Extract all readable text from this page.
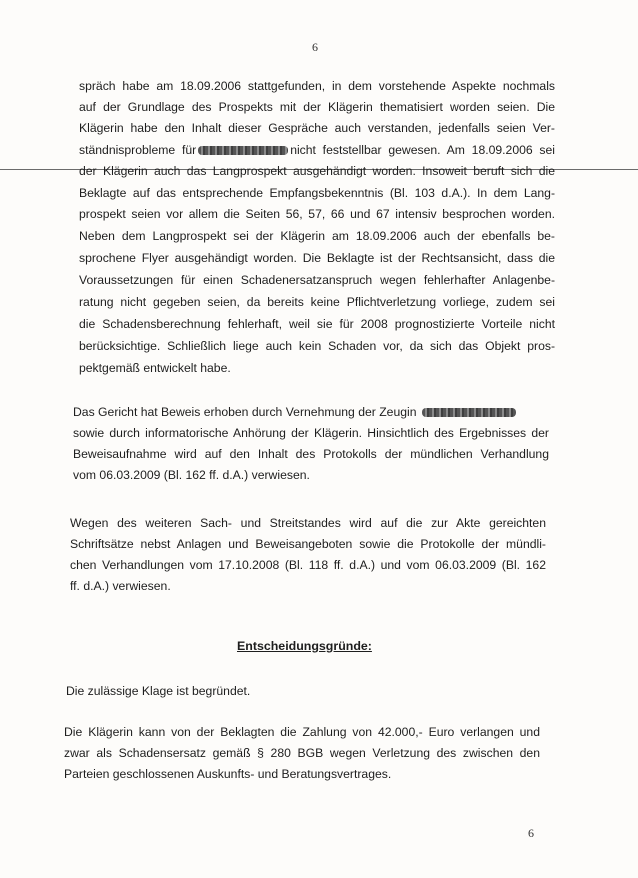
6
spräch habe am 18.09.2006 stattgefunden, in dem vorstehende Aspekte nochmals
auf der Grundlage des Prospekts mit der Klägerin thematisiert worden seien. Die
Klägerin habe den Inhalt dieser Gespräche auch verstanden, jedenfalls seien Ver-
ständnisprobleme für	nicht feststellbar gewesen. Am 18.09.2006 sei
der Klägerin auch das Langprospekt ausgehändigt worden. Insoweit beruft sich die
Beklagte auf das entsprechende Empfangsbekenntnis (Bl. 103 d.A.). In dem Lang-
prospekt seien vor allem die Seiten 56, 57, 66 und 67 intensiv besprochen worden.
Neben dem Langprospekt sei der Klägerin am 18.09.2006 auch der ebenfalls be-
sprochene Flyer ausgehändigt worden. Die Beklagte ist der Rechtsansicht, dass die
Voraussetzungen für einen Schadenersatzanspruch wegen fehlerhafter Anlagenbe-
ratung nicht gegeben seien, da bereits keine Pflichtverletzung vorliege, zudem sei
die Schadensberechnung fehlerhaft, weil sie für 2008 prognostizierte Vorteile nicht
berücksichtige. Schließlich liege auch kein Schaden vor, da sich das Objekt pros-
pektgemäß entwickelt habe.
Das Gericht hat Beweis erhoben durch Vernehmung der Zeugin
sowie durch informatorische Anhörung der Klägerin. Hinsichtlich des Ergebnisses der
Beweisaufnahme wird auf den Inhalt des Protokolls der mündlichen Verhandlung
vom 06.03.2009 (Bl. 162 ff. d.A.) verwiesen.
Wegen des weiteren Sach- und Streitstandes wird auf die zur Akte gereichten
Schriftsätze nebst Anlagen und Beweisangeboten sowie die Protokolle der mündli-
chen Verhandlungen vom 17.10.2008 (Bl. 118 ff. d.A.) und vom 06.03.2009 (Bl. 162
ff. d.A.) verwiesen.
Entscheidungsgründe:
Die zulässige Klage ist begründet.
Die Klägerin kann von der Beklagten die Zahlung von 42.000,- Euro verlangen und
zwar als Schadensersatz gemäß § 280 BGB wegen Verletzung des zwischen den
Parteien geschlossenen Auskunfts- und Beratungsvertrages.
6
